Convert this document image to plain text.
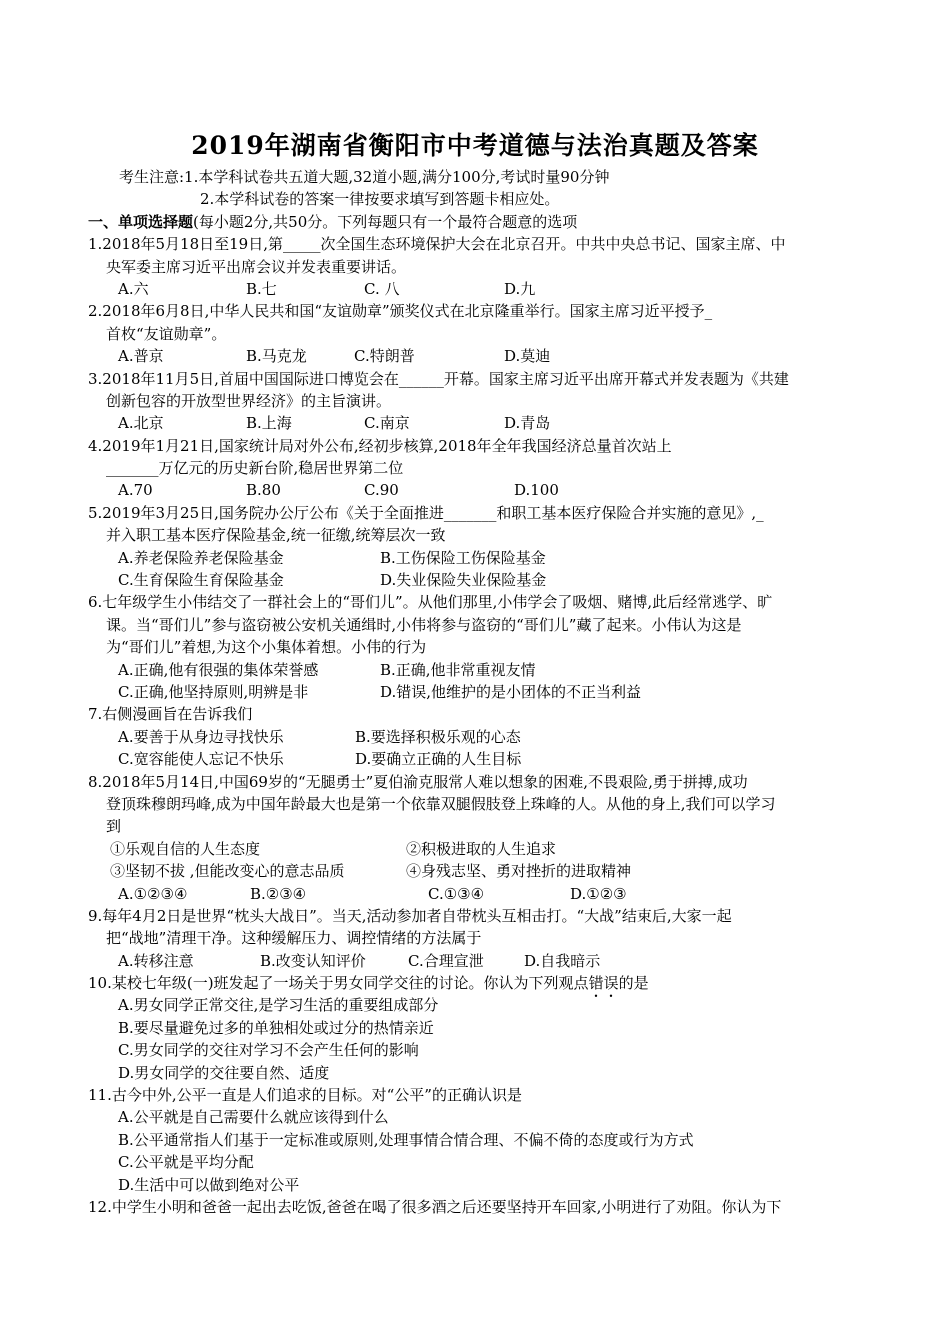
2019年湖南省衡阳市中考道德与法治真题及答案
考生注意:1.本学科试卷共五道大题,32道小题,满分100分,考试时量90分钟
2.本学科试卷的答案一律按要求填写到答题卡相应处。
一、单项选择题(每小题2分,共50分。下列每题只有一个最符合题意的选项
1.2018年5月18日至19日,第_____次全国生态环境保护大会在北京召开。中共中央总书记、国家主席、中
央军委主席习近平出席会议并发表重要讲话。
A.六	B.七	C. 八	D.九
2.2018年6月8日,中华人民共和国“友谊勋章”颁奖仪式在北京隆重举行。国家主席习近平授予_
首枚“友谊勋章”。
A.普京	B.马克龙	C.特朗普	D.莫迪
3.2018年11月5日,首届中国国际进口博览会在______开幕。国家主席习近平出席开幕式并发表题为《共建
创新包容的开放型世界经济》的主旨演讲。
A.北京	B.上海	C.南京	D.青岛
4.2019年1月21日,国家统计局对外公布,经初步核算,2018年全年我国经济总量首次站上
_______万亿元的历史新台阶,稳居世界第二位
A.70	B.80	C.90	D.100
5.2019年3月25日,国务院办公厅公布《关于全面推进_______和职工基本医疗保险合并实施的意见》,_
并入职工基本医疗保险基金,统一征缴,统筹层次一致
A.养老保险养老保险基金	B.工伤保险工伤保险基金
C.生育保险生育保险基金	D.失业保险失业保险基金
6.七年级学生小伟结交了一群社会上的“哥们儿”。从他们那里,小伟学会了吸烟、赌博,此后经常逃学、旷
课。当“哥们儿”参与盗窃被公安机关通缉时,小伟将参与盗窃的“哥们儿”藏了起来。小伟认为这是
为“哥们儿”着想,为这个小集体着想。小伟的行为
A.正确,他有很强的集体荣誉感	B.正确,他非常重视友情
C.正确,他坚持原则,明辨是非	D.错误,他维护的是小团体的不正当利益
7.右侧漫画旨在告诉我们
A.要善于从身边寻找快乐	B.要选择积极乐观的心态
C.宽容能使人忘记不快乐	D.要确立正确的人生目标
8.2018年5月14日,中国69岁的“无腿勇士”夏伯渝克服常人难以想象的困难,不畏艰险,勇于拼搏,成功
登顶珠穆朗玛峰,成为中国年龄最大也是第一个依靠双腿假肢登上珠峰的人。从他的身上,我们可以学习
到
①乐观自信的人生态度	②积极进取的人生追求
③坚韧不拔 ,但能改变心的意志品质	④身残志坚、勇对挫折的进取精神
A.①②③④	B.②③④	C.①③④	D.①②③
9.每年4月2日是世界“枕头大战日”。当天,活动参加者自带枕头互相击打。“大战”结束后,大家一起
把“战地”清理干净。这种缓解压力、调控情绪的方法属于
A.转移注意	B.改变认知评价	C.合理宣泄	D.自我暗示
10.某校七年级(一)班发起了一场关于男女同学交往的讨论。你认为下列观点错误的是
A.男女同学正常交往,是学习生活的重要组成部分
B.要尽量避免过多的单独相处或过分的热情亲近
C.男女同学的交往对学习不会产生任何的影响
D.男女同学的交往要自然、适度
11.古今中外,公平一直是人们追求的目标。对“公平”的正确认识是
A.公平就是自己需要什么就应该得到什么
B.公平通常指人们基于一定标准或原则,处理事情合情合理、不偏不倚的态度或行为方式
C.公平就是平均分配
D.生活中可以做到绝对公平
12.中学生小明和爸爸一起出去吃饭,爸爸在喝了很多酒之后还要坚持开车回家,小明进行了劝阻。你认为下
